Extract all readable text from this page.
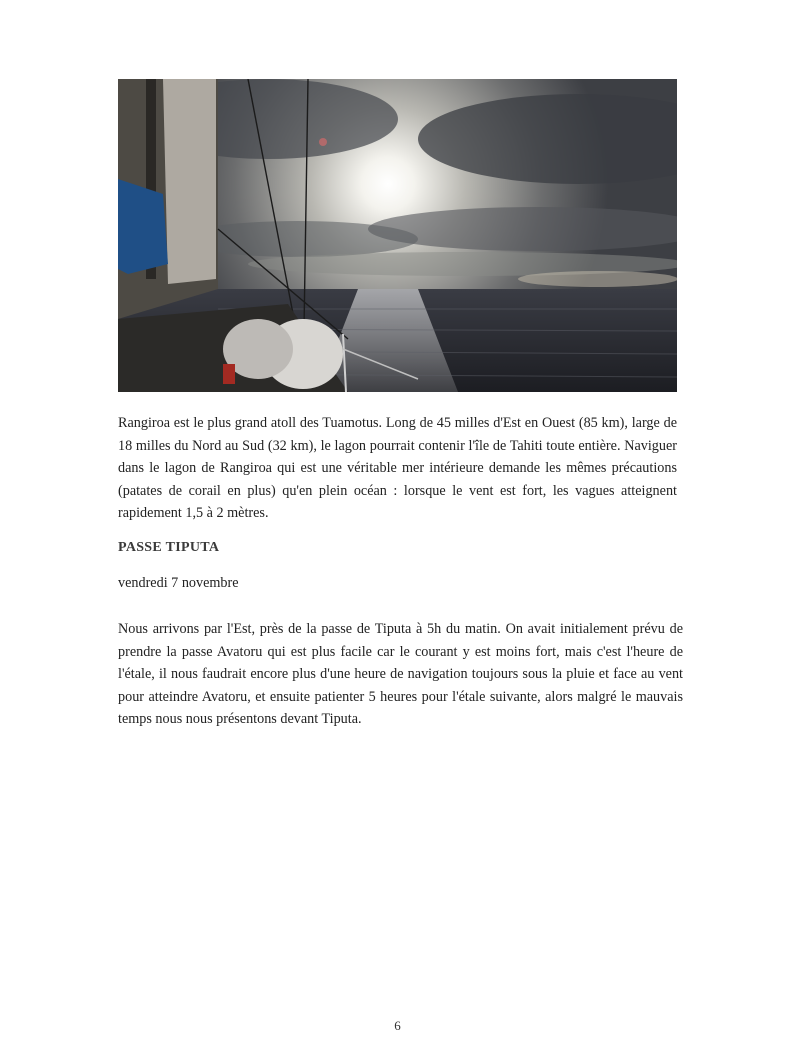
Rangiroa est le plus grand atoll des Tuamotus. Long de 45 milles d'Est en Ouest (85 km), large de 18 milles du Nord au Sud (32 km), le lagon pourrait contenir l'île de Tahiti toute entière. Naviguer dans le lagon de Rangiroa qui est une véritable mer intérieure demande les mêmes précautions (patates de corail en plus) qu'en plein océan : lorsque le vent est fort, les vagues atteignent rapidement 1,5 à 2 mètres.

PASSE TIPUTA

vendredi 7 novembre

Nous arrivons par l'Est, près de la passe de Tiputa à 5h du matin. On avait initialement prévu de prendre la passe Avatoru qui est plus facile car le courant y est moins fort, mais c'est l'heure de l'étale, il nous faudrait encore plus d'une heure de navigation toujours sous la pluie et face au vent pour atteindre Avatoru, et ensuite patienter 5 heures pour l'étale suivante, alors malgré le mauvais temps nous nous présentons devant Tiputa.

6
